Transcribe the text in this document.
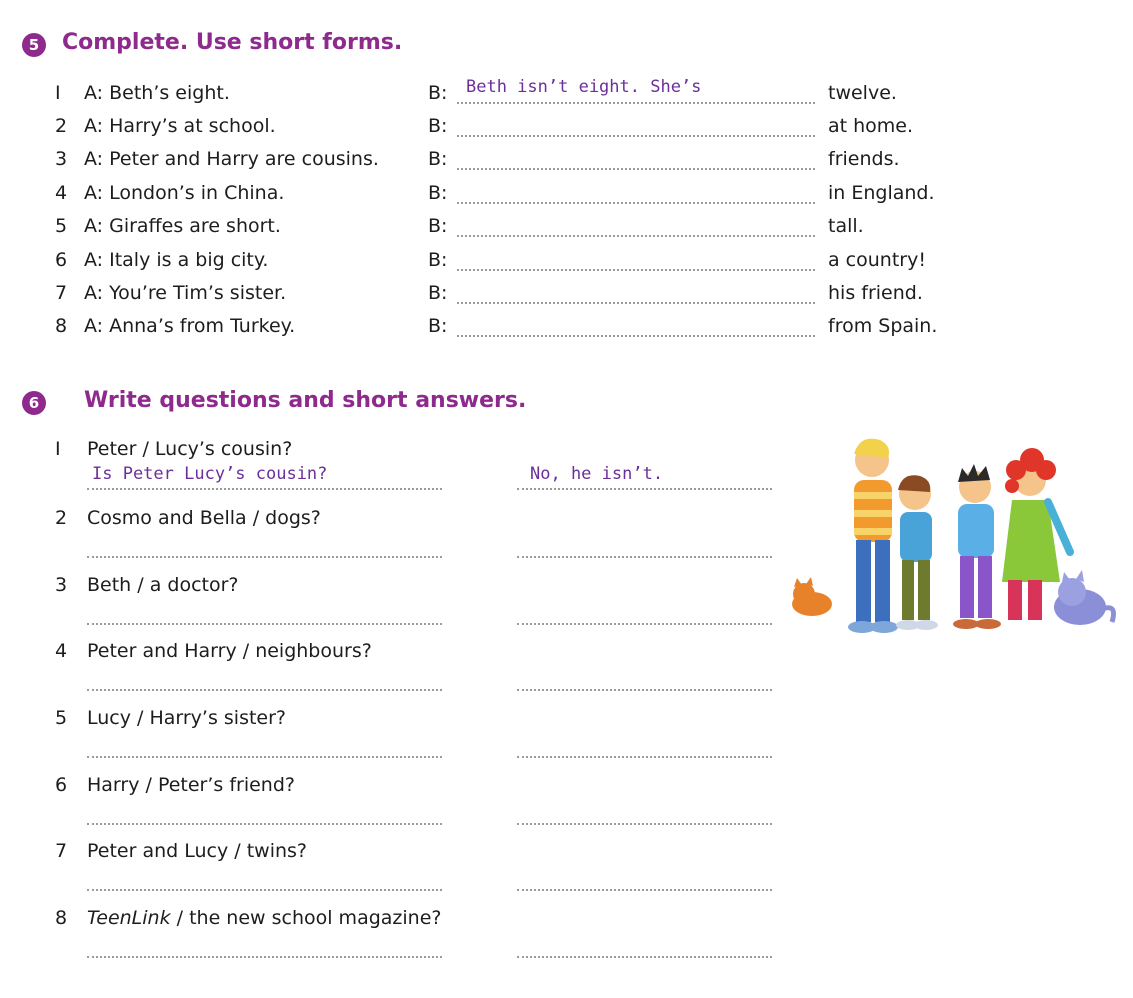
5	Complete. Use short forms.
I A: Beth’s eight.	B: Beth isn’t eight. She’s	twelve.
2 A: Harry’s at school.	B:	at home.
3 A: Peter and Harry are cousins.	B:	friends.
4 A: London’s in China.	B:	in England.
5 A: Giraffes are short.	B:	tall.
6 A: Italy is a big city.	B:	a country!
7 A: You’re Tim’s sister.	B:	his friend.
8 A: Anna’s from Turkey.	B:	from Spain.
6	Write questions and short answers.
I Peter / Lucy’s cousin?
Is Peter Lucy’s cousin?	No, he isn’t.
2 Cosmo and Bella / dogs?
3 Beth / a doctor?
4 Peter and Harry / neighbours?
5 Lucy / Harry’s sister?
6 Harry / Peter’s friend?
7 Peter and Lucy / twins?
8 TeenLink / the new school magazine?
